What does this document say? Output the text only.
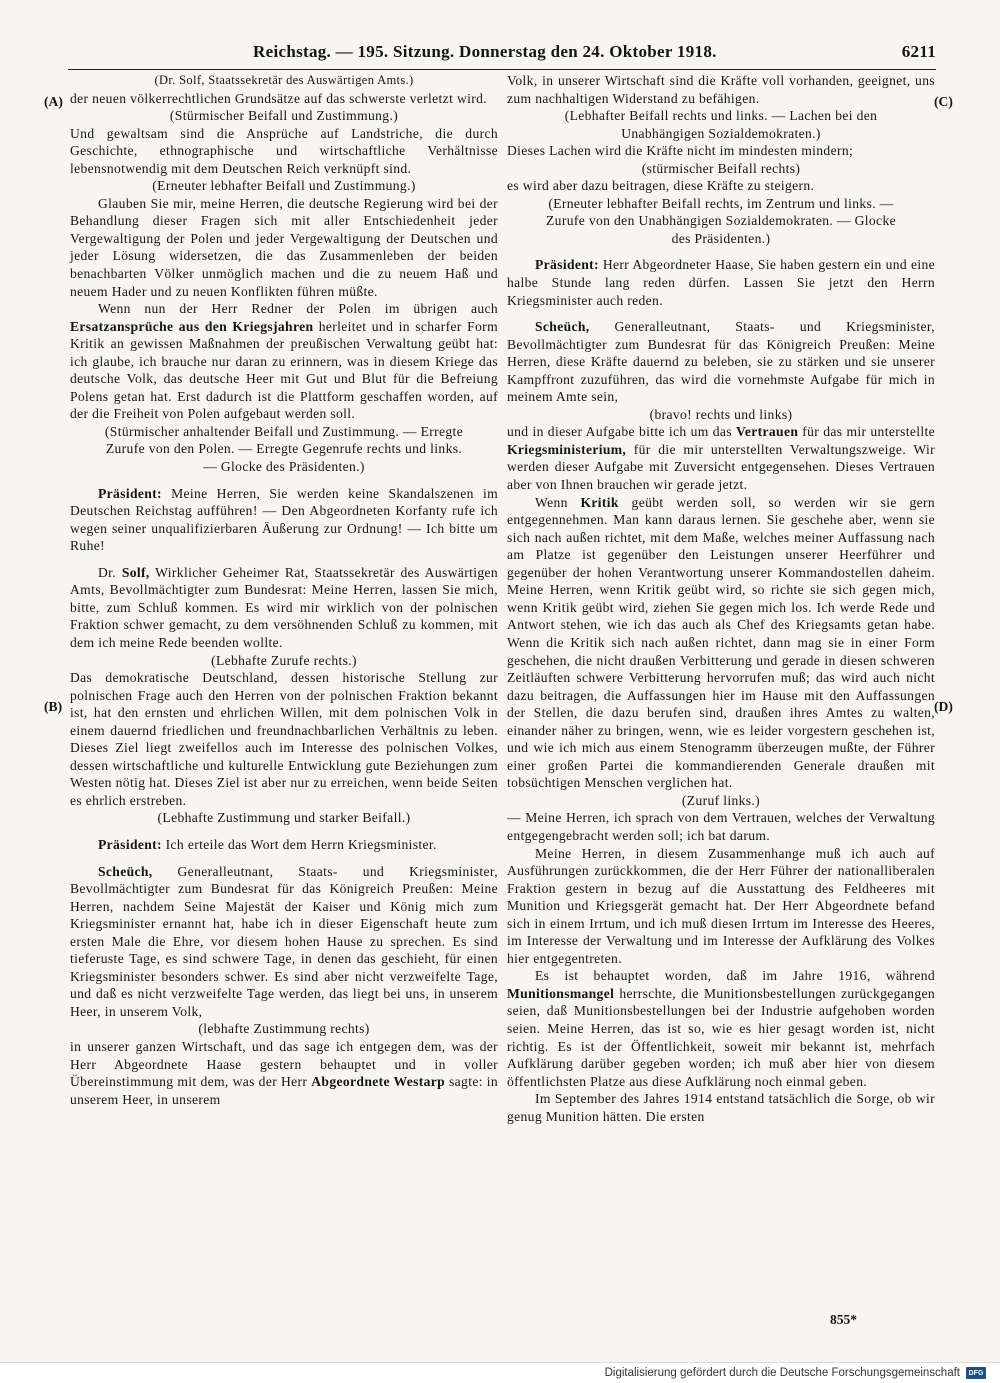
Reichstag. — 195. Sitzung. Donnerstag den 24. Oktober 1918.	6211
(A)
(B)
(C)
(D)

(Dr. Solf, Staatssekretär des Auswärtigen Amts.)

der neuen völkerrechtlichen Grundsätze auf das schwerste verletzt wird.

(Stürmischer Beifall und Zustimmung.)

Und gewaltsam sind die Ansprüche auf Landstriche, die durch Geschichte, ethnographische und wirtschaftliche Verhältnisse lebensnotwendig mit dem Deutschen Reich verknüpft sind.

(Erneuter lebhafter Beifall und Zustimmung.)

Glauben Sie mir, meine Herren, die deutsche Regierung wird bei der Behandlung dieser Fragen sich mit aller Entschiedenheit jeder Vergewaltigung der Polen und jeder Vergewaltigung der Deutschen und jeder Lösung widersetzen, die das Zusammenleben der beiden benachbarten Völker unmöglich machen und die zu neuem Haß und neuem Hader und zu neuen Konflikten führen müßte.

Wenn nun der Herr Redner der Polen im übrigen auch Ersatzansprüche aus den Kriegsjahren herleitet und in scharfer Form Kritik an gewissen Maßnahmen der preußischen Verwaltung geübt hat: ich glaube, ich brauche nur daran zu erinnern, was in diesem Kriege das deutsche Volk, das deutsche Heer mit Gut und Blut für die Befreiung Polens getan hat. Erst dadurch ist die Plattform geschaffen worden, auf der die Freiheit von Polen aufgebaut werden soll.

(Stürmischer anhaltender Beifall und Zustimmung. — Erregte Zurufe von den Polen. — Erregte Gegenrufe rechts und links. — Glocke des Präsidenten.)

Präsident: Meine Herren, Sie werden keine Skandalszenen im Deutschen Reichstag aufführen! — Den Abgeordneten Korfanty rufe ich wegen seiner unqualifizierbaren Äußerung zur Ordnung! — Ich bitte um Ruhe!

Dr. Solf, Wirklicher Geheimer Rat, Staatssekretär des Auswärtigen Amts, Bevollmächtigter zum Bundesrat: Meine Herren, lassen Sie mich, bitte, zum Schluß kommen. Es wird mir wirklich von der polnischen Fraktion schwer gemacht, zu dem versöhnenden Schluß zu kommen, mit dem ich meine Rede beenden wollte.

(Lebhafte Zurufe rechts.)

Das demokratische Deutschland, dessen historische Stellung zur polnischen Frage auch den Herren von der polnischen Fraktion bekannt ist, hat den ernsten und ehrlichen Willen, mit dem polnischen Volk in einem dauernd friedlichen und freundnachbarlichen Verhältnis zu leben. Dieses Ziel liegt zweifellos auch im Interesse des polnischen Volkes, dessen wirtschaftliche und kulturelle Entwicklung gute Beziehungen zum Westen nötig hat. Dieses Ziel ist aber nur zu erreichen, wenn beide Seiten es ehrlich erstreben.

(Lebhafte Zustimmung und starker Beifall.)

Präsident: Ich erteile das Wort dem Herrn Kriegsminister.

Scheüch, Generalleutnant, Staats- und Kriegsminister, Bevollmächtigter zum Bundesrat für das Königreich Preußen: Meine Herren, nachdem Seine Majestät der Kaiser und König mich zum Kriegsminister ernannt hat, habe ich in dieser Eigenschaft heute zum ersten Male die Ehre, vor diesem hohen Hause zu sprechen. Es sind tieferuste Tage, es sind schwere Tage, in denen das geschieht, für einen Kriegsminister besonders schwer. Es sind aber nicht verzweifelte Tage, und daß es nicht verzweifelte Tage werden, das liegt bei uns, in unserem Heer, in unserem Volk,

(lebhafte Zustimmung rechts)

in unserer ganzen Wirtschaft, und das sage ich entgegen dem, was der Herr Abgeordnete Haase gestern behauptet und in voller Übereinstimmung mit dem, was der Herr Abgeordnete Westarp sagte: in unserem Heer, in unserem

Volk, in unserer Wirtschaft sind die Kräfte voll vorhanden, geeignet, uns zum nachhaltigen Widerstand zu befähigen.

(Lebhafter Beifall rechts und links. — Lachen bei den Unabhängigen Sozialdemokraten.)

Dieses Lachen wird die Kräfte nicht im mindesten mindern;

(stürmischer Beifall rechts)

es wird aber dazu beitragen, diese Kräfte zu steigern.

(Erneuter lebhafter Beifall rechts, im Zentrum und links. — Zurufe von den Unabhängigen Sozialdemokraten. — Glocke des Präsidenten.)

Präsident: Herr Abgeordneter Haase, Sie haben gestern ein und eine halbe Stunde lang reden dürfen. Lassen Sie jetzt den Herrn Kriegsminister auch reden.

Scheüch, Generalleutnant, Staats- und Kriegsminister, Bevollmächtigter zum Bundesrat für das Königreich Preußen: Meine Herren, diese Kräfte dauernd zu beleben, sie zu stärken und sie unserer Kampffront zuzuführen, das wird die vornehmste Aufgabe für mich in meinem Amte sein,

(bravo! rechts und links)

und in dieser Aufgabe bitte ich um das Vertrauen für das mir unterstellte Kriegsministerium, für die mir unterstellten Verwaltungszweige. Wir werden dieser Aufgabe mit Zuversicht entgegensehen. Dieses Vertrauen aber von Ihnen brauchen wir gerade jetzt.

Wenn Kritik geübt werden soll, so werden wir sie gern entgegennehmen. Man kann daraus lernen. Sie geschehe aber, wenn sie sich nach außen richtet, mit dem Maße, welches meiner Auffassung nach am Platze ist gegenüber den Leistungen unserer Heerführer und gegenüber der hohen Verantwortung unserer Kommandostellen daheim. Meine Herren, wenn Kritik geübt wird, so richte sie sich gegen mich, wenn Kritik geübt wird, ziehen Sie gegen mich los. Ich werde Rede und Antwort stehen, wie ich das auch als Chef des Kriegsamts getan habe. Wenn die Kritik sich nach außen richtet, dann mag sie in einer Form geschehen, die nicht draußen Verbitterung und gerade in diesen schweren Zeitläuften schwere Verbitterung hervorrufen muß; das wird auch nicht dazu beitragen, die Auffassungen hier im Hause mit den Auffassungen der Stellen, die dazu berufen sind, draußen ihres Amtes zu walten, einander näher zu bringen, wenn, wie es leider vorgestern geschehen ist, und wie ich mich aus einem Stenogramm überzeugen mußte, der Führer einer großen Partei die kommandierenden Generale draußen mit tobsüchtigen Menschen verglichen hat.

(Zuruf links.)

— Meine Herren, ich sprach von dem Vertrauen, welches der Verwaltung entgegengebracht werden soll; ich bat darum.

Meine Herren, in diesem Zusammenhange muß ich auch auf Ausführungen zurückkommen, die der Herr Führer der nationalliberalen Fraktion gestern in bezug auf die Ausstattung des Feldheeres mit Munition und Kriegsgerät gemacht hat. Der Herr Abgeordnete befand sich in einem Irrtum, und ich muß diesen Irrtum im Interesse des Heeres, im Interesse der Verwaltung und im Interesse der Aufklärung des Volkes hier entgegentreten.

Es ist behauptet worden, daß im Jahre 1916, während Munitionsmangel herrschte, die Munitionsbestellungen zurückgegangen seien, daß Munitionsbestellungen bei der Industrie aufgehoben worden seien. Meine Herren, das ist so, wie es hier gesagt worden ist, nicht richtig. Es ist der Öffentlichkeit, soweit mir bekannt ist, mehrfach Aufklärung darüber gegeben worden; ich muß aber hier von diesem öffentlichsten Platze aus diese Aufklärung noch einmal geben.

Im September des Jahres 1914 entstand tatsächlich die Sorge, ob wir genug Munition hätten. Die ersten

855*
Digitalisierung gefördert durch die Deutsche Forschungsgemeinschaft	DFG
